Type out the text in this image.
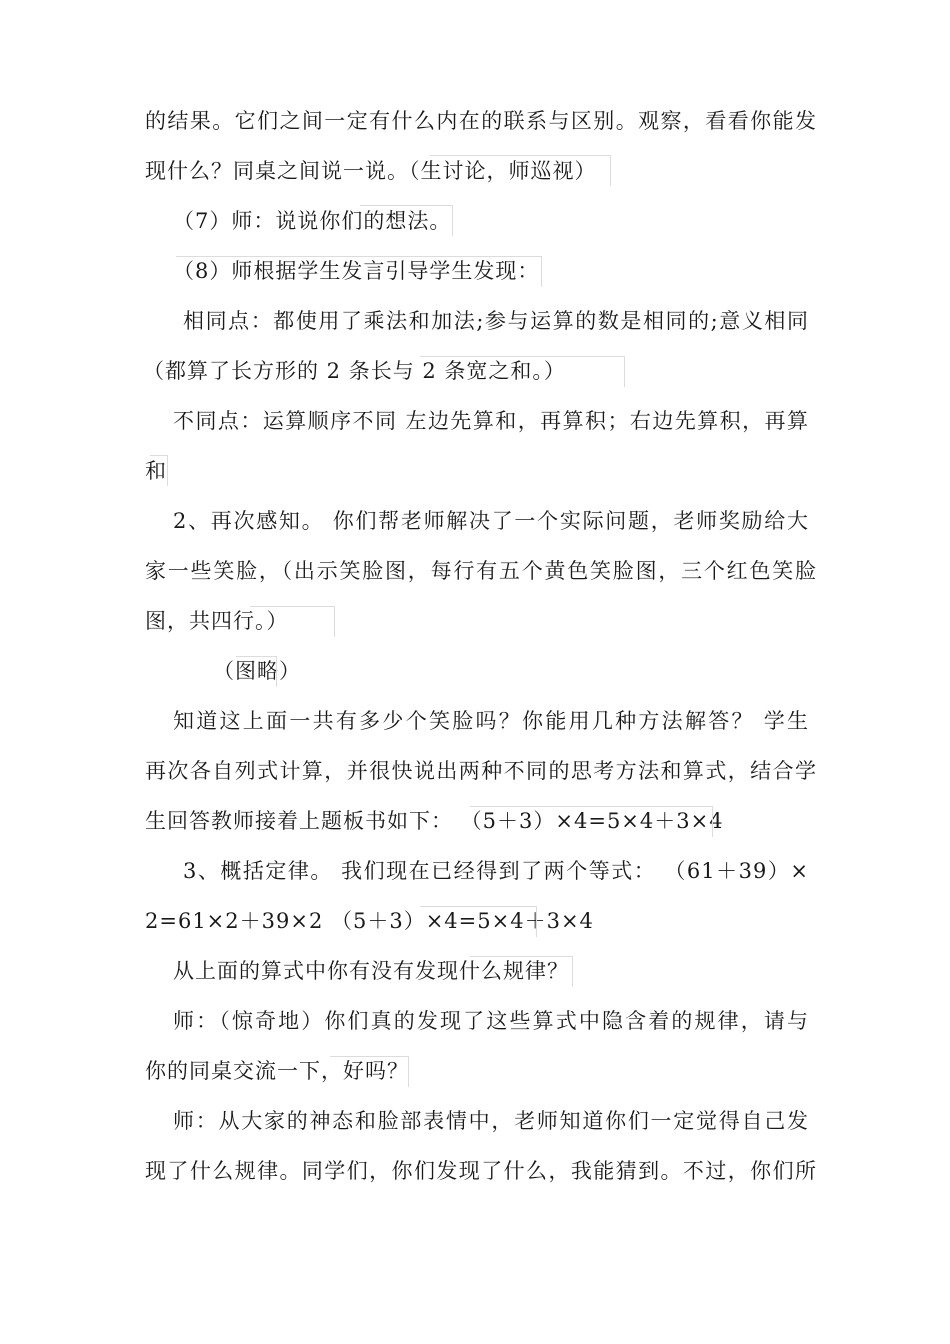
的结果。它们之间一定有什么内在的联系与区别。观察，看看你能发
现什么？同桌之间说一说。（生讨论，师巡视）
（7）师：说说你们的想法。
（8）师根据学生发言引导学生发现：
相同点：都使用了乘法和加法;参与运算的数是相同的;意义相同
（都算了长方形的 2 条长与 2 条宽之和。）
不同点：运算顺序不同 左边先算和，再算积；右边先算积，再算
和
2、再次感知。 你们帮老师解决了一个实际问题，老师奖励给大
家一些笑脸，（出示笑脸图，每行有五个黄色笑脸图，三个红色笑脸
图，共四行。）
（图略）
知道这上面一共有多少个笑脸吗？你能用几种方法解答？ 学生
再次各自列式计算，并很快说出两种不同的思考方法和算式，结合学
生回答教师接着上题板书如下： （5＋3）×4=5×4＋3×4
3、概括定律。 我们现在已经得到了两个等式： （61＋39）×
2=61×2＋39×2 （5＋3）×4=5×4＋3×4
从上面的算式中你有没有发现什么规律？
师：（惊奇地）你们真的发现了这些算式中隐含着的规律，请与
你的同桌交流一下，好吗？
师：从大家的神态和脸部表情中，老师知道你们一定觉得自己发
现了什么规律。同学们，你们发现了什么，我能猜到。不过，你们所
